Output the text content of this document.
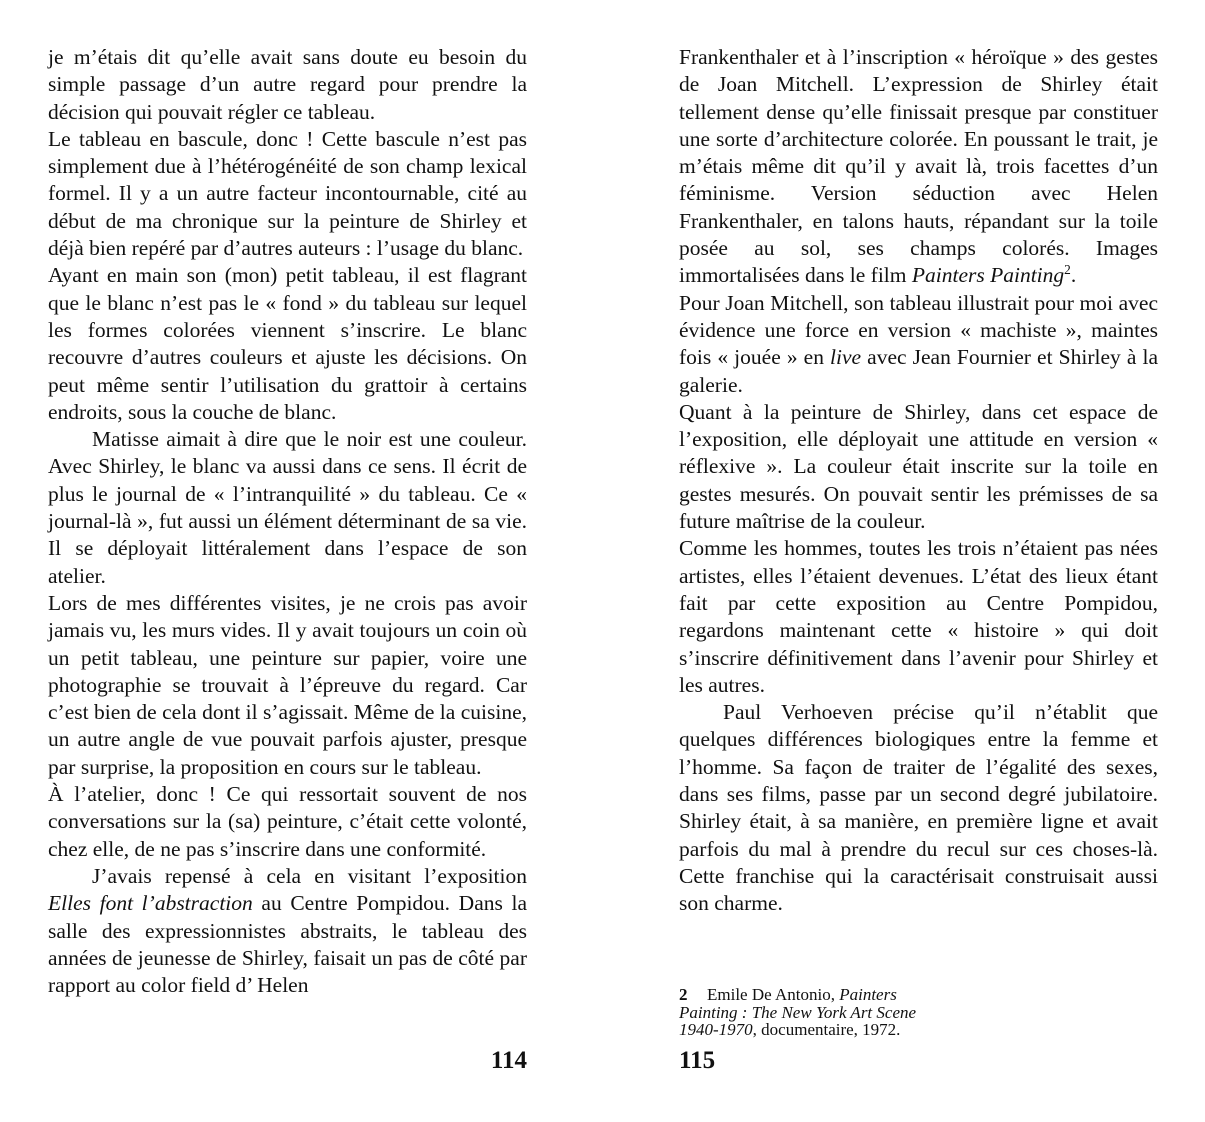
je m’étais dit qu’elle avait sans doute eu besoin du simple passage d’un autre regard pour prendre la décision qui pouvait régler ce tableau.

Le tableau en bascule, donc ! Cette bascule n’est pas simplement due à l’hétérogénéité de son champ lexical formel. Il y a un autre facteur incontournable, cité au début de ma chronique sur la peinture de Shirley et déjà bien repéré par d’autres auteurs : l’usage du blanc.

Ayant en main son (mon) petit tableau, il est flagrant que le blanc n’est pas le « fond » du tableau sur lequel les formes colorées viennent s’inscrire. Le blanc recouvre d’autres couleurs et ajuste les décisions. On peut même sentir l’utilisation du grattoir à certains endroits, sous la couche de blanc.

Matisse aimait à dire que le noir est une couleur. Avec Shirley, le blanc va aussi dans ce sens. Il écrit de plus le journal de « l’intranquilité » du tableau. Ce « journal-là », fut aussi un élément déterminant de sa vie. Il se déployait littéralement dans l’espace de son atelier.

Lors de mes différentes visites, je ne crois pas avoir jamais vu, les murs vides. Il y avait toujours un coin où un petit tableau, une peinture sur papier, voire une photographie se trouvait à l’épreuve du regard. Car c’est bien de cela dont il s’agissait. Même de la cuisine, un autre angle de vue pouvait parfois ajuster, presque par surprise, la proposition en cours sur le tableau.

À l’atelier, donc ! Ce qui ressortait souvent de nos conversations sur la (sa) peinture, c’était cette volonté, chez elle, de ne pas s’inscrire dans une conformité.

J’avais repensé à cela en visitant l’exposition Elles font l’abstraction au Centre Pompidou. Dans la salle des expressionnistes abstraits, le tableau des années de jeunesse de Shirley, faisait un pas de côté par rapport au color field d’ Helen

Frankenthaler et à l’inscription « héroïque » des gestes de Joan Mitchell. L’expression de Shirley était tellement dense qu’elle finissait presque par constituer une sorte d’architecture colorée. En poussant le trait, je m’étais même dit qu’il y avait là, trois facettes d’un féminisme. Version séduction avec Helen Frankenthaler, en talons hauts, répandant sur la toile posée au sol, ses champs colorés. Images immortalisées dans le film Painters Painting$^2$.

Pour Joan Mitchell, son tableau illustrait pour moi avec évidence une force en version « machiste », maintes fois « jouée » en live avec Jean Fournier et Shirley à la galerie.

Quant à la peinture de Shirley, dans cet espace de l’exposition, elle déployait une attitude en version « réflexive ». La couleur était inscrite sur la toile en gestes mesurés. On pouvait sentir les prémisses de sa future maîtrise de la couleur.

Comme les hommes, toutes les trois n’étaient pas nées artistes, elles l’étaient devenues. L’état des lieux étant fait par cette exposition au Centre Pompidou, regardons maintenant cette « histoire » qui doit s’inscrire définitivement dans l’avenir pour Shirley et les autres.

Paul Verhoeven précise qu’il n’établit que quelques différences biologiques entre la femme et l’homme. Sa façon de traiter de l’égalité des sexes, dans ses films, passe par un second degré jubilatoire. Shirley était, à sa manière, en première ligne et avait parfois du mal à prendre du recul sur ces choses-là. Cette franchise qui la caractérisait construisait aussi son charme.

2 Emile De Antonio, Painters
Painting : The New York Art Scene
1940-1970, documentaire, 1972.
114	115
